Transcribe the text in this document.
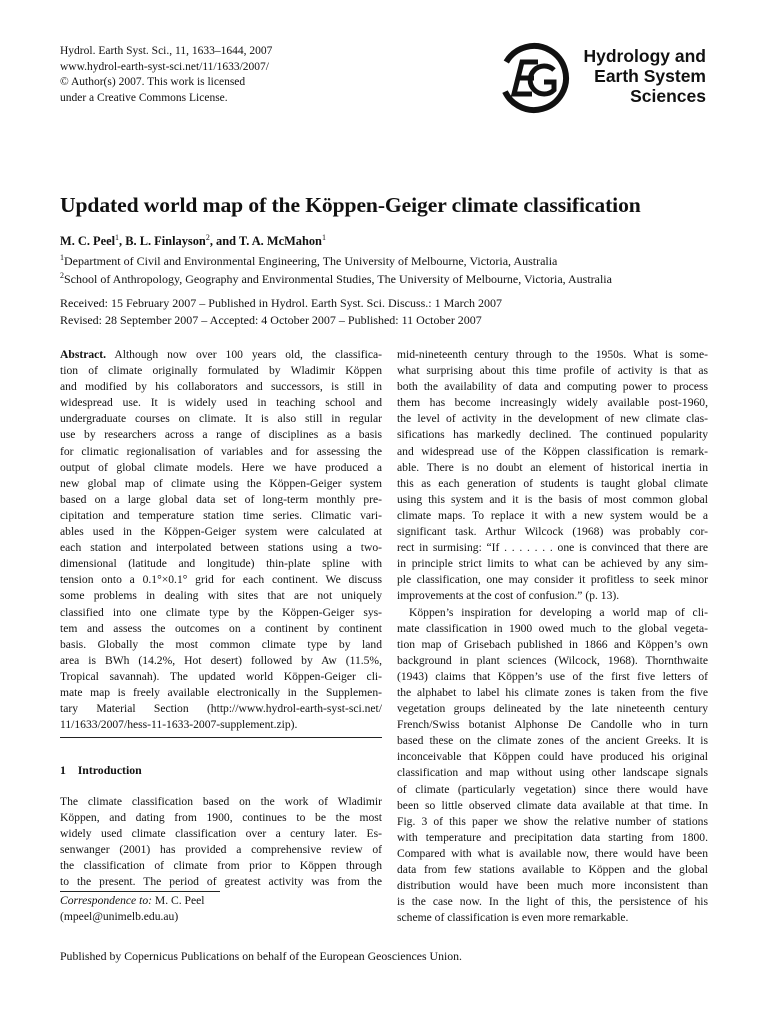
Hydrol. Earth Syst. Sci., 11, 1633–1644, 2007
www.hydrol-earth-syst-sci.net/11/1633/2007/
© Author(s) 2007. This work is licensed
under a Creative Commons License.
Hydrology and
Earth System
Sciences
Updated world map of the Köppen-Geiger climate classification
M. C. Peel$^1$, B. L. Finlayson$^2$, and T. A. McMahon$^1$
$^1$Department of Civil and Environmental Engineering, The University of Melbourne, Victoria, Australia
$^2$School of Anthropology, Geography and Environmental Studies, The University of Melbourne, Victoria, Australia
Received: 15 February 2007 – Published in Hydrol. Earth Syst. Sci. Discuss.: 1 March 2007
Revised: 28 September 2007 – Accepted: 4 October 2007 – Published: 11 October 2007
Abstract. Although now over 100 years old, the classifica-
tion of climate originally formulated by Wladimir Köppen
and modified by his collaborators and successors, is still in
widespread use. It is widely used in teaching school and
undergraduate courses on climate. It is also still in regular
use by researchers across a range of disciplines as a basis
for climatic regionalisation of variables and for assessing the
output of global climate models. Here we have produced a
new global map of climate using the Köppen-Geiger system
based on a large global data set of long-term monthly pre-
cipitation and temperature station time series. Climatic vari-
ables used in the Köppen-Geiger system were calculated at
each station and interpolated between stations using a two-
dimensional (latitude and longitude) thin-plate spline with
tension onto a 0.1°×0.1° grid for each continent. We discuss
some problems in dealing with sites that are not uniquely
classified into one climate type by the Köppen-Geiger sys-
tem and assess the outcomes on a continent by continent
basis. Globally the most common climate type by land
area is BWh (14.2%, Hot desert) followed by Aw (11.5%,
Tropical savannah). The updated world Köppen-Geiger cli-
mate map is freely available electronically in the Supplemen-
tary Material Section (http://www.hydrol-earth-syst-sci.net/
11/1633/2007/hess-11-1633-2007-supplement.zip).
1 Introduction
The climate classification based on the work of Wladimir
Köppen, and dating from 1900, continues to be the most
widely used climate classification over a century later. Es-
senwanger (2001) has provided a comprehensive review of
the classification of climate from prior to Köppen through
to the present. The period of greatest activity was from the
Correspondence to: M. C. Peel
(mpeel@unimelb.edu.au)
mid-nineteenth century through to the 1950s. What is some-
what surprising about this time profile of activity is that as
both the availability of data and computing power to process
them has become increasingly widely available post-1960,
the level of activity in the development of new climate clas-
sifications has markedly declined. The continued popularity
and widespread use of the Köppen classification is remark-
able. There is no doubt an element of historical inertia in
this as each generation of students is taught global climate
using this system and it is the basis of most common global
climate maps. To replace it with a new system would be a
significant task. Arthur Wilcock (1968) was probably cor-
rect in surmising: “If . . . . . . . one is convinced that there are
in principle strict limits to what can be achieved by any sim-
ple classification, one may consider it profitless to seek minor
improvements at the cost of confusion.” (p. 13).
Köppen’s inspiration for developing a world map of cli-
mate classification in 1900 owed much to the global vegeta-
tion map of Grisebach published in 1866 and Köppen’s own
background in plant sciences (Wilcock, 1968). Thornthwaite
(1943) claims that Köppen’s use of the first five letters of
the alphabet to label his climate zones is taken from the five
vegetation groups delineated by the late nineteenth century
French/Swiss botanist Alphonse De Candolle who in turn
based these on the climate zones of the ancient Greeks. It is
inconceivable that Köppen could have produced his original
classification and map without using other landscape signals
of climate (particularly vegetation) since there would have
been so little observed climate data available at that time. In
Fig. 3 of this paper we show the relative number of stations
with temperature and precipitation data starting from 1800.
Compared with what is available now, there would have been
data from few stations available to Köppen and the global
distribution would have been much more inconsistent than
is the case now. In the light of this, the persistence of his
scheme of classification is even more remarkable.
Published by Copernicus Publications on behalf of the European Geosciences Union.
